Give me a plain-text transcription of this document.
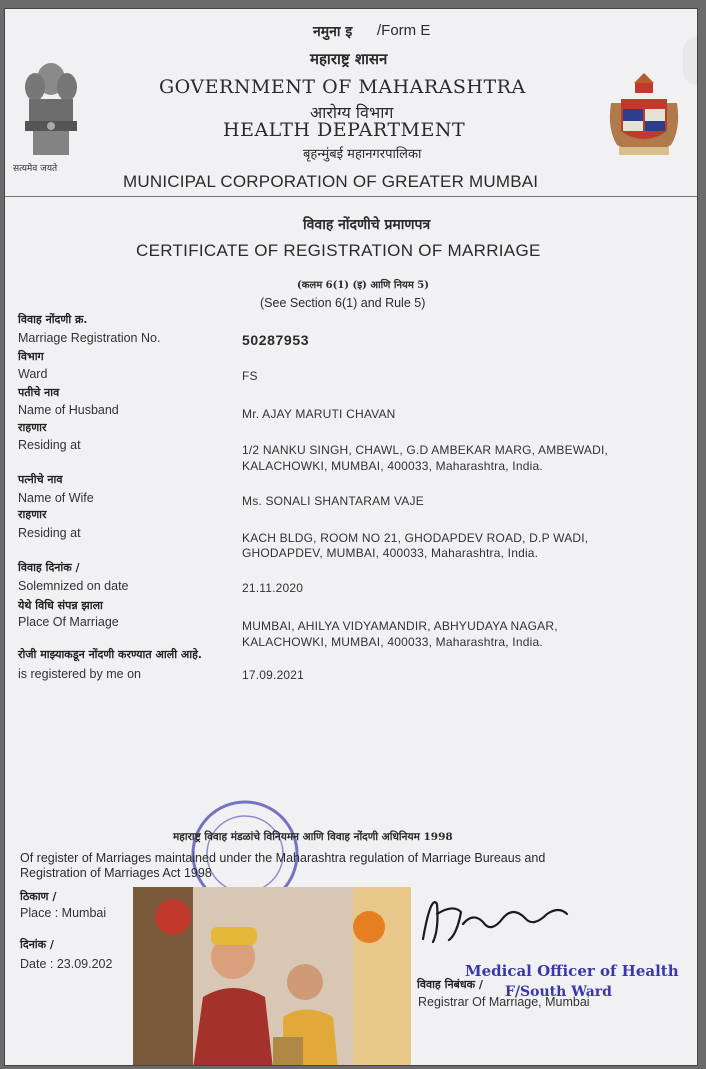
नमुना इ /Form E
महाराष्ट्र शासन
GOVERNMENT OF MAHARASHTRA
आरोग्य विभाग
HEALTH DEPARTMENT
बृहन्मुंबई महानगरपालिका
MUNICIPAL CORPORATION OF GREATER MUMBAI
सत्यमेव जयते
विवाह नोंदणीचे प्रमाणपत्र
CERTIFICATE OF REGISTRATION OF MARRIAGE
(कलम 6(1) (इ) आणि नियम 5)
(See Section 6(1) and Rule 5)
विवाह नोंदणी क्र.
Marriage Registration No.	50287953
विभाग
Ward	FS
पतीचे नाव
Name of Husband	Mr. AJAY MARUTI CHAVAN
राहणार
Residing at	1/2 NANKU SINGH, CHAWL, G.D AMBEKAR MARG, AMBEWADI,
KALACHOWKI, MUMBAI, 400033, Maharashtra, India.
पत्नीचे नाव
Name of Wife	Ms. SONALI SHANTARAM VAJE
राहणार
Residing at	KACH BLDG, ROOM NO 21, GHODAPDEV ROAD, D.P WADI,
GHODAPDEV, MUMBAI, 400033, Maharashtra, India.
विवाह दिनांक /
Solemnized on date	21.11.2020
येथे विधि संपन्न झाला
Place Of Marriage	MUMBAI, AHILYA VIDYAMANDIR, ABHYUDAYA NAGAR,
KALACHOWKI, MUMBAI, 400033, Maharashtra, India.
रोजी माझ्याकडून नोंदणी करण्यात आली आहे.
is registered by me on	17.09.2021
महाराष्ट्र विवाह मंडळांचे विनियमन आणि विवाह नोंदणी अधिनियम 1998
Of register of Marriages maintained under the Maharashtra regulation of Marriage Bureaus and
Registration of Marriages Act 1998
ठिकाण /
Place : Mumbai
दिनांक /
Date : 23.09.202	Medical Officer of Health
F/South Ward
विवाह निबंधक /
Registrar Of Marriage, Mumbai
